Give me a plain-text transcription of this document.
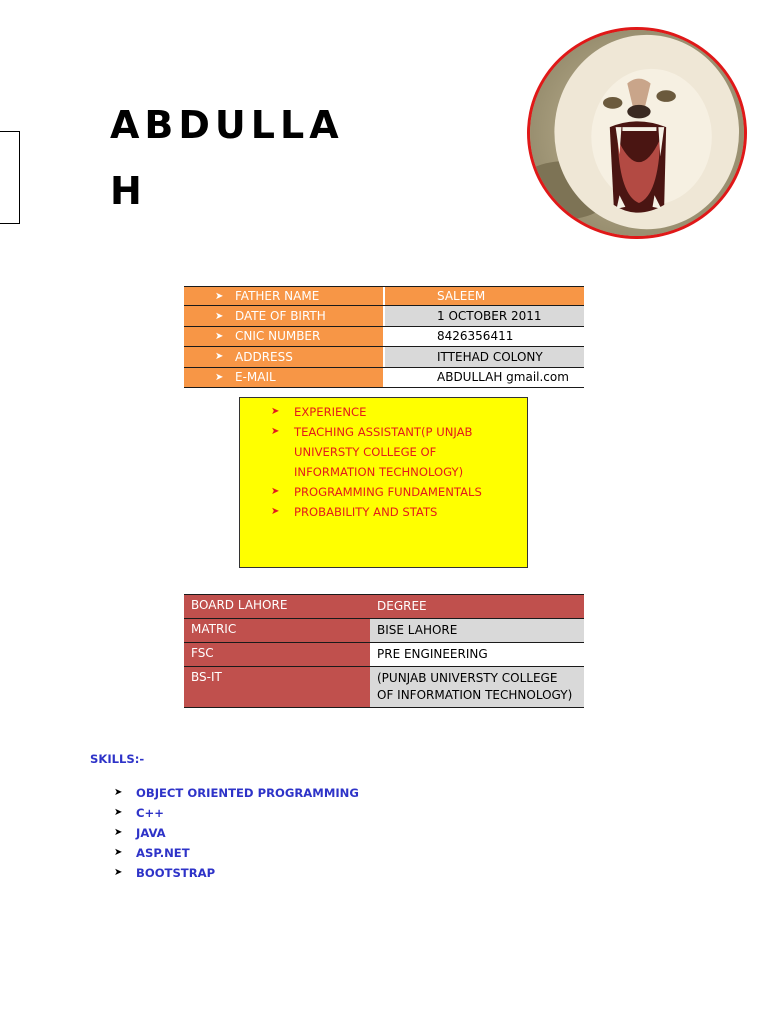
ABDULLA
H
➤ FATHER NAME	SALEEM
➤ DATE OF BIRTH	1 OCTOBER 2011
➤ CNIC NUMBER	8426356411
➤ ADDRESS	ITTEHAD COLONY
➤ E-MAIL	ABDULLAH gmail.com
➤	EXPERIENCE
➤	TEACHING ASSISTANT(P UNJAB UNIVERSTY COLLEGE OF INFORMATION TECHNOLOGY)
➤	PROGRAMMING FUNDAMENTALS
➤	PROBABILITY AND STATS
BOARD LAHORE	DEGREE
MATRIC	BISE LAHORE
FSC	PRE ENGINEERING
BS-IT	(PUNJAB UNIVERSTY COLLEGE OF INFORMATION TECHNOLOGY)
SKILLS:-
➤	OBJECT ORIENTED PROGRAMMING
➤	C++
➤	JAVA
➤	ASP.NET
➤	BOOTSTRAP
